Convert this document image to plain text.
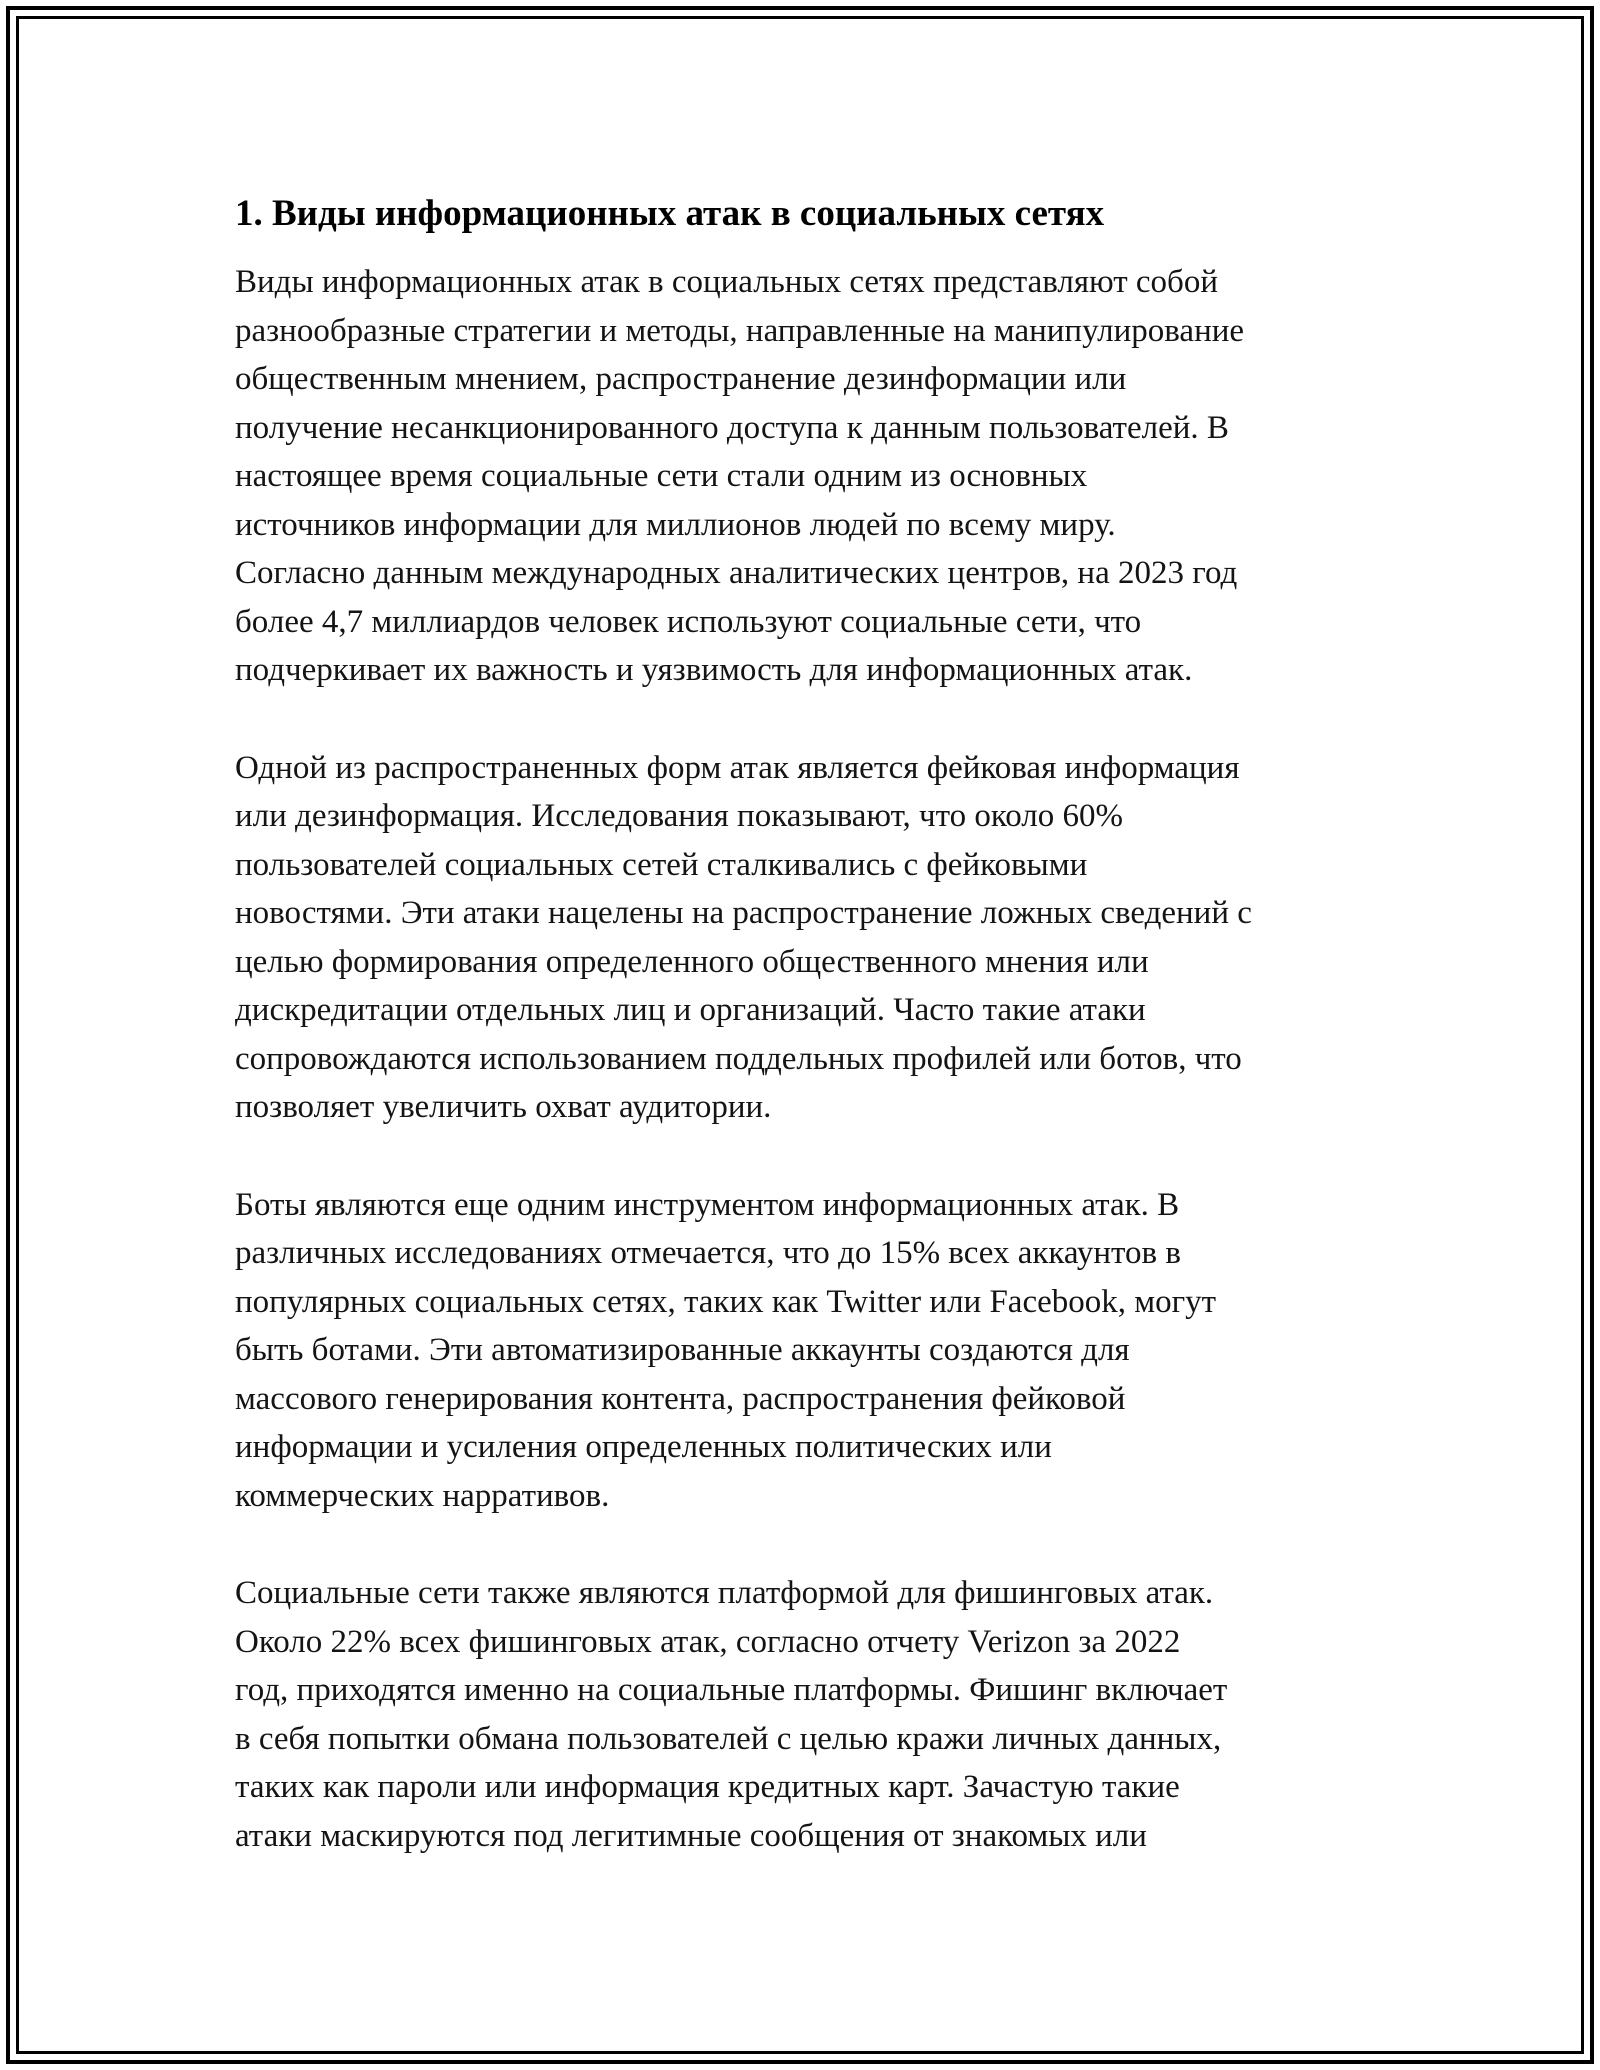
1. Виды информационных атак в социальных сетях

Виды информационных атак в социальных сетях представляют собой
разнообразные стратегии и методы, направленные на манипулирование
общественным мнением, распространение дезинформации или
получение несанкционированного доступа к данным пользователей. В
настоящее время социальные сети стали одним из основных
источников информации для миллионов людей по всему миру.
Согласно данным международных аналитических центров, на 2023 год
более 4,7 миллиардов человек используют социальные сети, что
подчеркивает их важность и уязвимость для информационных атак.

Одной из распространенных форм атак является фейковая информация
или дезинформация. Исследования показывают, что около 60%
пользователей социальных сетей сталкивались с фейковыми
новостями. Эти атаки нацелены на распространение ложных сведений с
целью формирования определенного общественного мнения или
дискредитации отдельных лиц и организаций. Часто такие атаки
сопровождаются использованием поддельных профилей или ботов, что
позволяет увеличить охват аудитории.

Боты являются еще одним инструментом информационных атак. В
различных исследованиях отмечается, что до 15% всех аккаунтов в
популярных социальных сетях, таких как Twitter или Facebook, могут
быть ботами. Эти автоматизированные аккаунты создаются для
массового генерирования контента, распространения фейковой
информации и усиления определенных политических или
коммерческих нарративов.

Социальные сети также являются платформой для фишинговых атак.
Около 22% всех фишинговых атак, согласно отчету Verizon за 2022
год, приходятся именно на социальные платформы. Фишинг включает
в себя попытки обмана пользователей с целью кражи личных данных,
таких как пароли или информация кредитных карт. Зачастую такие
атаки маскируются под легитимные сообщения от знакомых или
